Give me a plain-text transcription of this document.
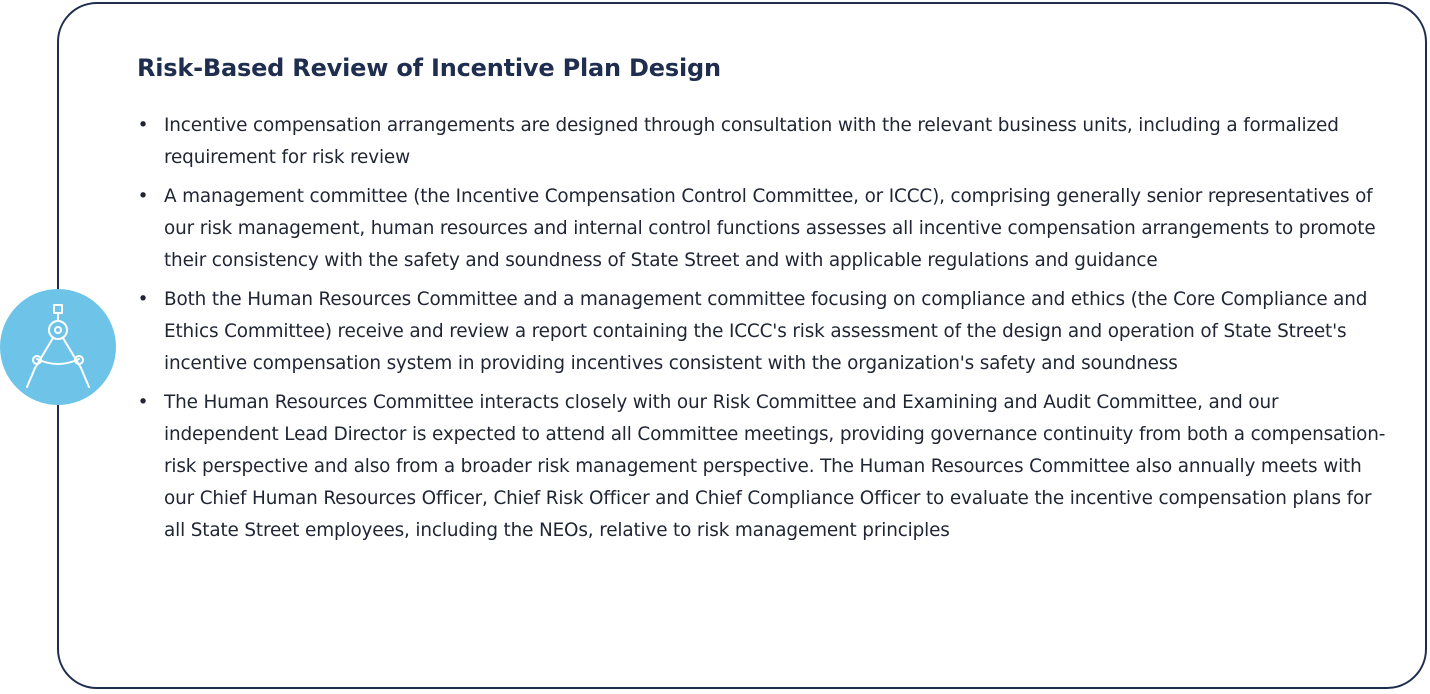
Risk-Based Review of Incentive Plan Design
• Incentive compensation arrangements are designed through consultation with the relevant business units, including a formalized requirement for risk review
• A management committee (the Incentive Compensation Control Committee, or ICCC), comprising generally senior representatives of our risk management, human resources and internal control functions assesses all incentive compensation arrangements to promote their consistency with the safety and soundness of State Street and with applicable regulations and guidance
• Both the Human Resources Committee and a management committee focusing on compliance and ethics (the Core Compliance and Ethics Committee) receive and review a report containing the ICCC's risk assessment of the design and operation of State Street's incentive compensation system in providing incentives consistent with the organization's safety and soundness
• The Human Resources Committee interacts closely with our Risk Committee and Examining and Audit Committee, and our independent Lead Director is expected to attend all Committee meetings, providing governance continuity from both a compensation-risk perspective and also from a broader risk management perspective. The Human Resources Committee also annually meets with our Chief Human Resources Officer, Chief Risk Officer and Chief Compliance Officer to evaluate the incentive compensation plans for all State Street employees, including the NEOs, relative to risk management principles
